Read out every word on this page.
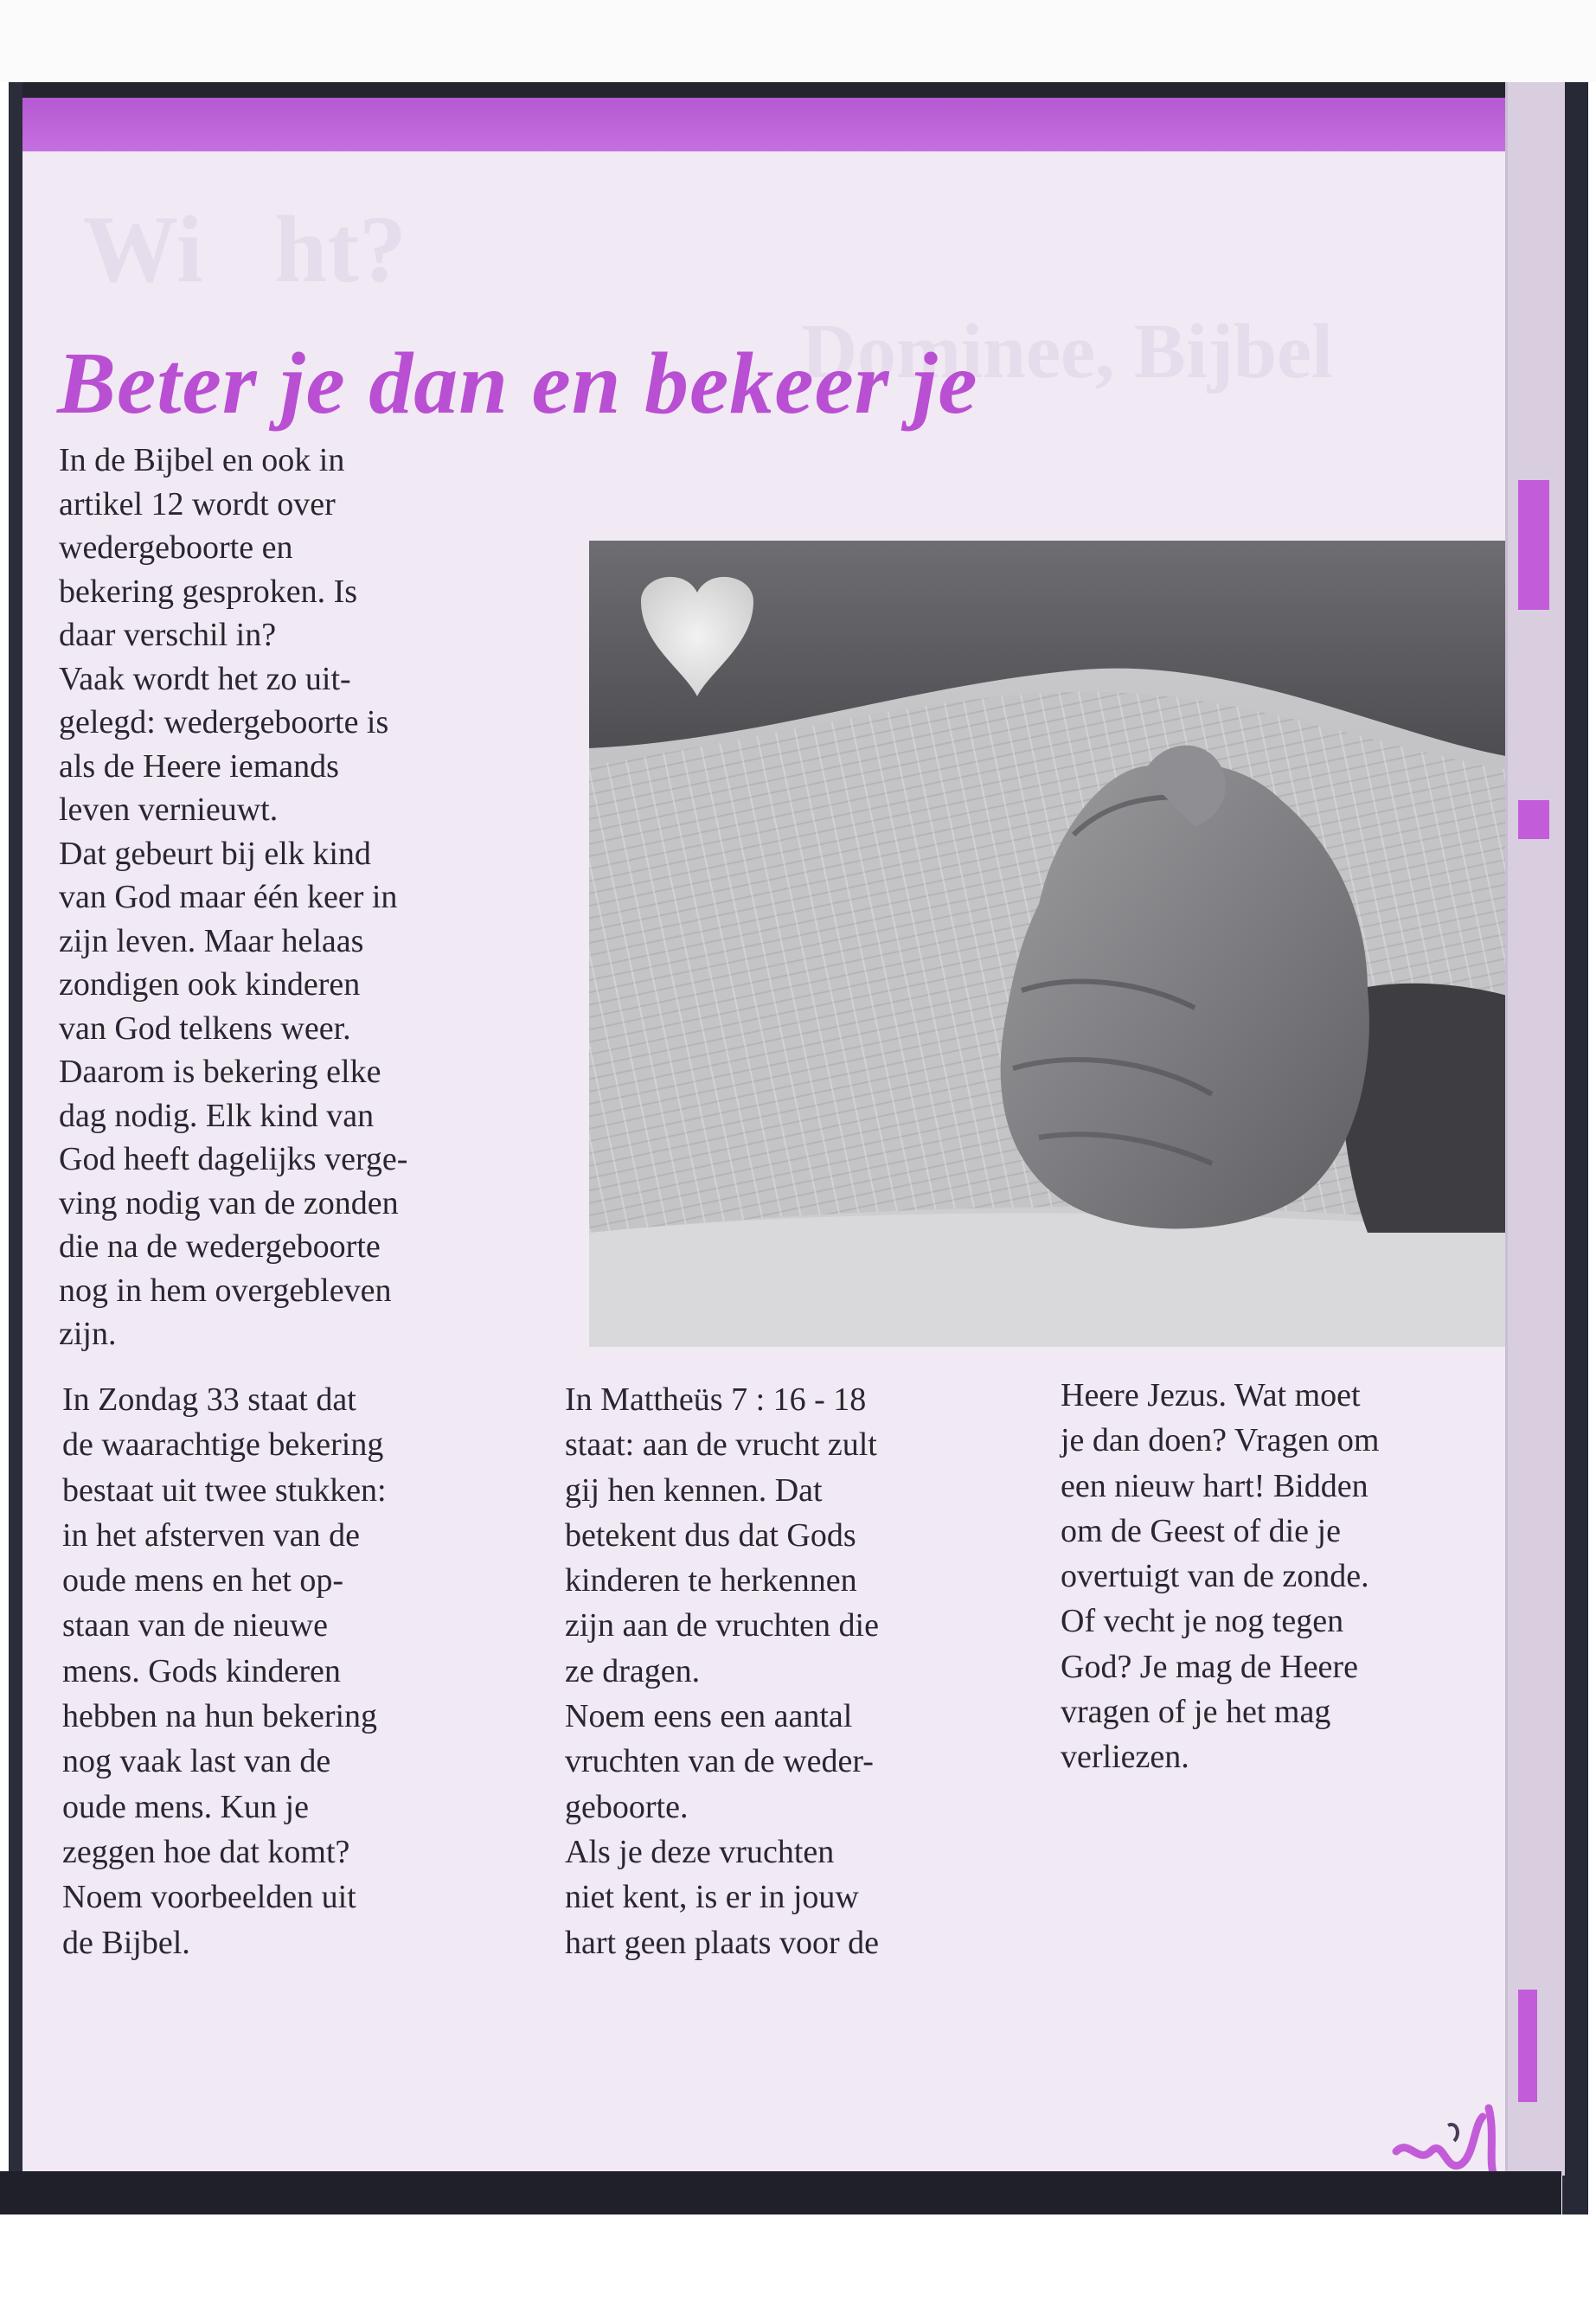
Wi   ht?
Dominee, Bijbel
Beter je dan en bekeer je

In de Bijbel en ook in

artikel 12 wordt over

wedergeboorte en

bekering gesproken. Is

daar verschil in?

Vaak wordt het zo uit-

gelegd: wedergeboorte is

als de Heere iemands

leven vernieuwt.

Dat gebeurt bij elk kind

van God maar één keer in

zijn leven. Maar helaas

zondigen ook kinderen

van God telkens weer.

Daarom is bekering elke

dag nodig. Elk kind van

God heeft dagelijks verge-

ving nodig van de zonden

die na de wedergeboorte

nog in hem overgebleven

zijn.

In Zondag 33 staat dat

de waarachtige bekering

bestaat uit twee stukken:

in het afsterven van de

oude mens en het op-

staan van de nieuwe

mens. Gods kinderen

hebben na hun bekering

nog vaak last van de

oude mens. Kun je

zeggen hoe dat komt?

Noem voorbeelden uit

de Bijbel.

In Mattheüs 7 : 16 - 18

staat: aan de vrucht zult

gij hen kennen. Dat

betekent dus dat Gods

kinderen te herkennen

zijn aan de vruchten die

ze dragen.

Noem eens een aantal

vruchten van de weder-

geboorte.

Als je deze vruchten

niet kent, is er in jouw

hart geen plaats voor de

Heere Jezus. Wat moet

je dan doen? Vragen om

een nieuw hart! Bidden

om de Geest of die je

overtuigt van de zonde.

Of vecht je nog tegen

God? Je mag de Heere

vragen of je het mag

verliezen.
